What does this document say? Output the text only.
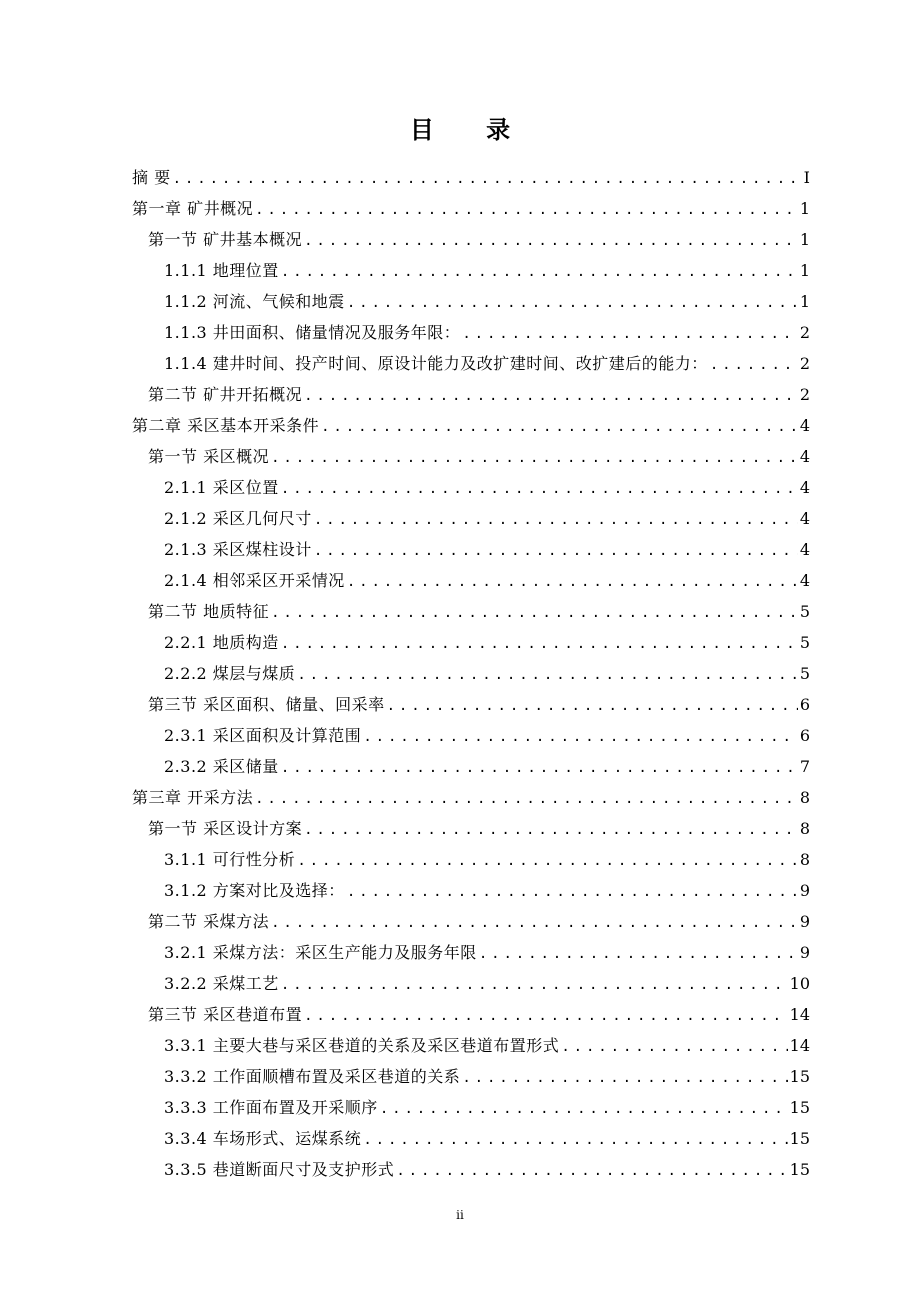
目 录
摘 要 .....	I
第一章 矿井概况 .....	1
第一节 矿井基本概况 .....	1
1.1.1 地理位置 .....	1
1.1.2 河流、气候和地震 .....	1
1.1.3 井田面积、储量情况及服务年限： .....	2
1.1.4 建井时间、投产时间、原设计能力及改扩建时间、改扩建后的能力： .....	2
第二节 矿井开拓概况 .....	2
第二章 采区基本开采条件 .....	4
第一节 采区概况 .....	4
2.1.1 采区位置 .....	4
2.1.2 采区几何尺寸 .....	4
2.1.3 采区煤柱设计 .....	4
2.1.4 相邻采区开采情况 .....	4
第二节 地质特征 .....	5
2.2.1 地质构造 .....	5
2.2.2 煤层与煤质 .....	5
第三节 采区面积、储量、回采率 .....	6
2.3.1 采区面积及计算范围 .....	6
2.3.2 采区储量 .....	7
第三章 开采方法 .....	8
第一节 采区设计方案 .....	8
3.1.1 可行性分析 .....	8
3.1.2 方案对比及选择： .....	9
第二节 采煤方法 .....	9
3.2.1 采煤方法：采区生产能力及服务年限 .....	9
3.2.2 采煤工艺 .....	10
第三节 采区巷道布置 .....	14
3.3.1 主要大巷与采区巷道的关系及采区巷道布置形式 .....	14
3.3.2 工作面顺槽布置及采区巷道的关系 .....	15
3.3.3 工作面布置及开采顺序 .....	15
3.3.4 车场形式、运煤系统 .....	15
3.3.5 巷道断面尺寸及支护形式 .....	15
ii
